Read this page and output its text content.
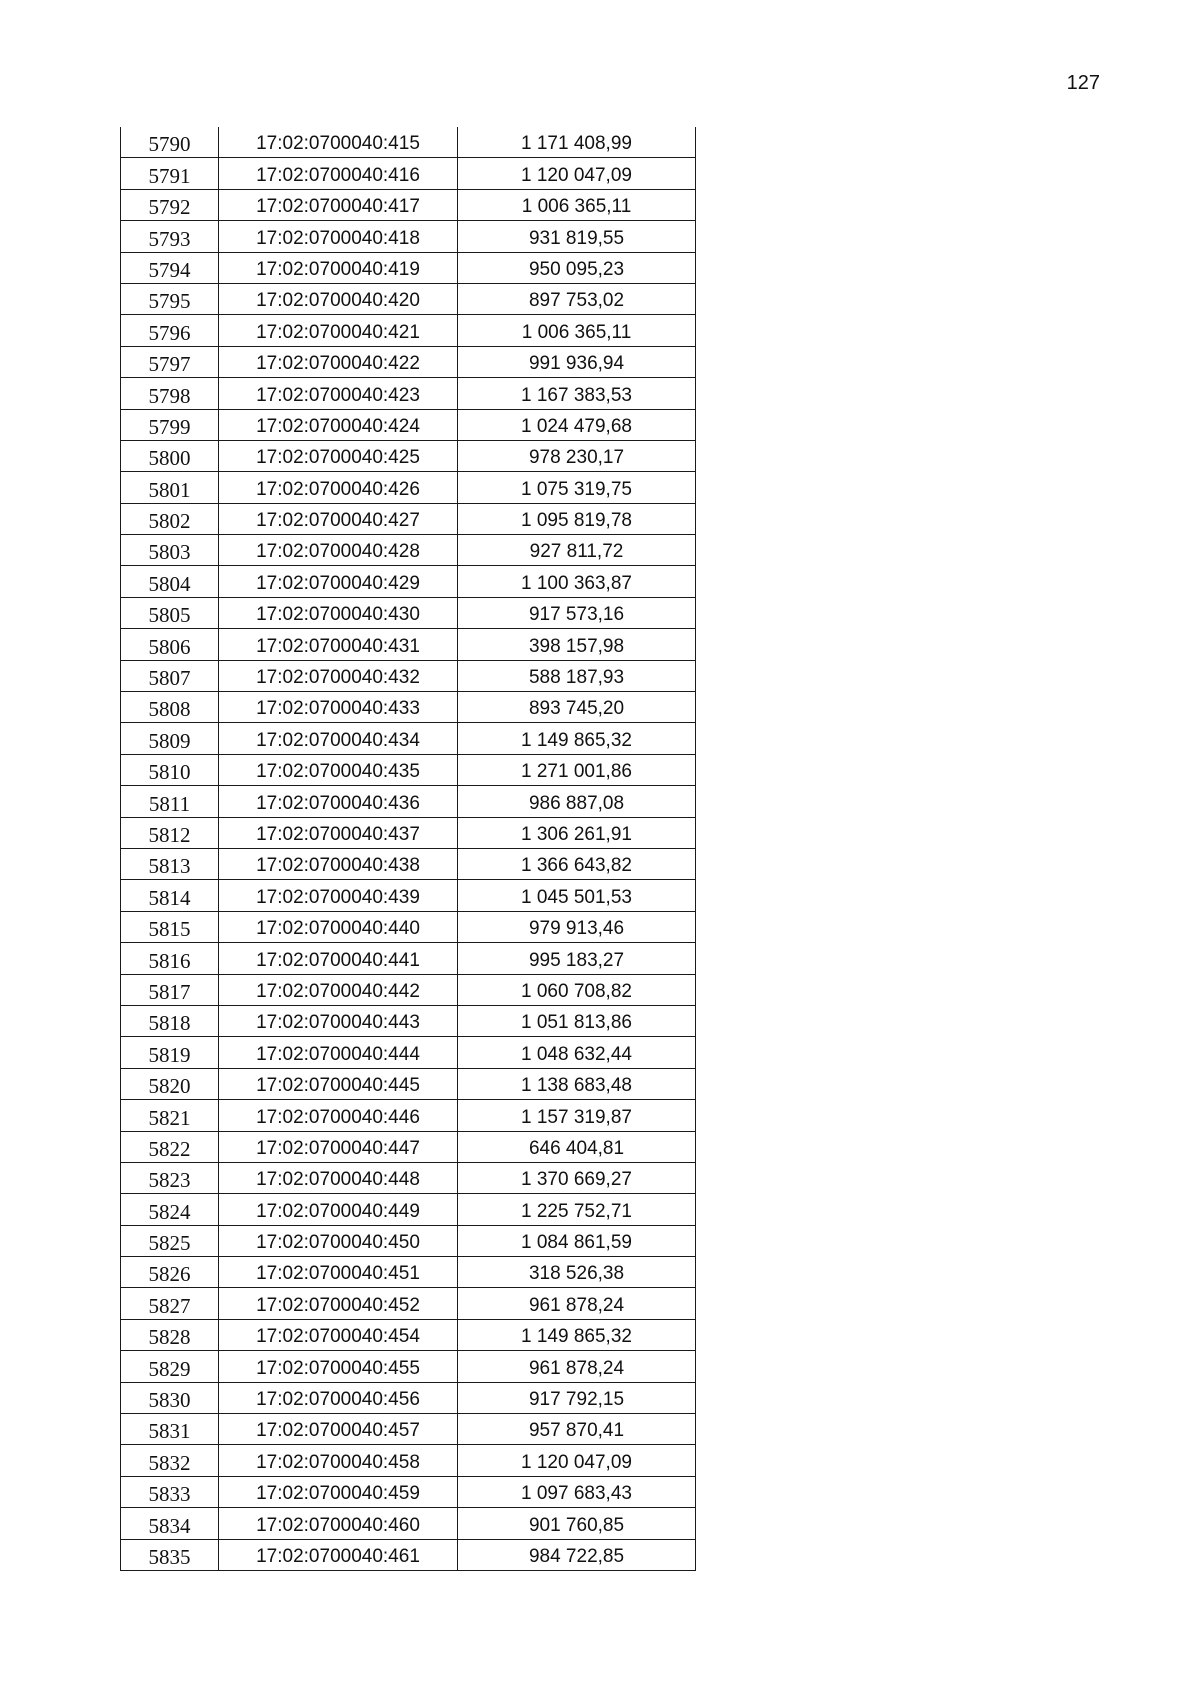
127
5790	17:02:0700040:415	1 171 408,99
5791	17:02:0700040:416	1 120 047,09
5792	17:02:0700040:417	1 006 365,11
5793	17:02:0700040:418	931 819,55
5794	17:02:0700040:419	950 095,23
5795	17:02:0700040:420	897 753,02
5796	17:02:0700040:421	1 006 365,11
5797	17:02:0700040:422	991 936,94
5798	17:02:0700040:423	1 167 383,53
5799	17:02:0700040:424	1 024 479,68
5800	17:02:0700040:425	978 230,17
5801	17:02:0700040:426	1 075 319,75
5802	17:02:0700040:427	1 095 819,78
5803	17:02:0700040:428	927 811,72
5804	17:02:0700040:429	1 100 363,87
5805	17:02:0700040:430	917 573,16
5806	17:02:0700040:431	398 157,98
5807	17:02:0700040:432	588 187,93
5808	17:02:0700040:433	893 745,20
5809	17:02:0700040:434	1 149 865,32
5810	17:02:0700040:435	1 271 001,86
5811	17:02:0700040:436	986 887,08
5812	17:02:0700040:437	1 306 261,91
5813	17:02:0700040:438	1 366 643,82
5814	17:02:0700040:439	1 045 501,53
5815	17:02:0700040:440	979 913,46
5816	17:02:0700040:441	995 183,27
5817	17:02:0700040:442	1 060 708,82
5818	17:02:0700040:443	1 051 813,86
5819	17:02:0700040:444	1 048 632,44
5820	17:02:0700040:445	1 138 683,48
5821	17:02:0700040:446	1 157 319,87
5822	17:02:0700040:447	646 404,81
5823	17:02:0700040:448	1 370 669,27
5824	17:02:0700040:449	1 225 752,71
5825	17:02:0700040:450	1 084 861,59
5826	17:02:0700040:451	318 526,38
5827	17:02:0700040:452	961 878,24
5828	17:02:0700040:454	1 149 865,32
5829	17:02:0700040:455	961 878,24
5830	17:02:0700040:456	917 792,15
5831	17:02:0700040:457	957 870,41
5832	17:02:0700040:458	1 120 047,09
5833	17:02:0700040:459	1 097 683,43
5834	17:02:0700040:460	901 760,85
5835	17:02:0700040:461	984 722,85
